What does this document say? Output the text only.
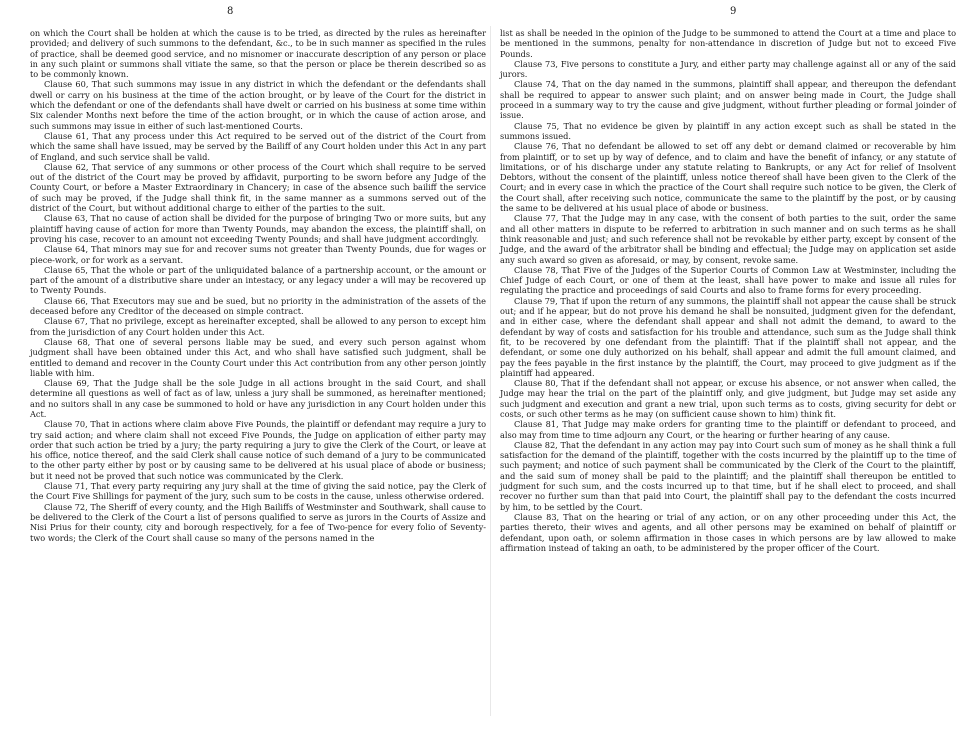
8	9

on which the Court shall be holden at which the cause is to be tried, as directed by the rules as hereinafter provided; and delivery of such summons to the defendant, &c., to be in such manner as specified in the rules of practice, shall be deemed good service, and no misnomer or inaccurate description of any person or place in any such plaint or summons shall vitiate the same, so that the person or place be therein described so as to be commonly known.

Clause 60, That such summons may issue in any district in which the defendant or the defendants shall dwell or carry on his business at the time of the action brought, or by leave of the Court for the district in which the defendant or one of the defendants shall have dwelt or carried on his business at some time within Six calender Months next before the time of the action brought, or in which the cause of action arose, and such summons may issue in either of such last-mentioned Courts.

Clause 61, That any process under this Act required to be served out of the district of the Court from which the same shall have issued, may be served by the Bailiff of any Court holden under this Act in any part of England, and such service shall be valid.

Clause 62, That service of any summons or other process of the Court which shall require to be served out of the district of the Court may be proved by affidavit, purporting to be sworn before any Judge of the County Court, or before a Master Extraordinary in Chancery; in case of the absence such bailiff the service of such may be proved, if the Judge shall think fit, in the same manner as a summons served out of the district of the Court, but without additional charge to either of the parties to the suit.

Clause 63, That no cause of action shall be divided for the purpose of bringing Two or more suits, but any plaintiff having cause of action for more than Twenty Pounds, may abandon the excess, the plaintiff shall, on proving his case, recover to an amount not exceeding Twenty Pounds; and shall have judgment accordingly.

Clause 64, That minors may sue for and recover sums not greater than Twenty Pounds, due for wages or piece-work, or for work as a servant.

Clause 65, That the whole or part of the unliquidated balance of a partnership account, or the amount or part of the amount of a distributive share under an intestacy, or any legacy under a will may be recovered up to Twenty Pounds.

Clause 66, That Executors may sue and be sued, but no priority in the administration of the assets of the deceased before any Creditor of the deceased on simple contract.

Clause 67, That no privilege, except as hereinafter excepted, shall be allowed to any person to except him from the jurisdiction of any Court holden under this Act.

Clause 68, That one of several persons liable may be sued, and every such person against whom judgment shall have been obtained under this Act, and who shall have satisfied such judgment, shall be entitled to demand and recover in the County Court under this Act contribution from any other person jointly liable with him.

Clause 69, That the Judge shall be the sole Judge in all actions brought in the said Court, and shall determine all questions as well of fact as of law, unless a jury shall be summoned, as hereinafter mentioned; and no suitors shall in any case be summoned to hold or have any jurisdiction in any Court holden under this Act.

Clause 70, That in actions where claim above Five Pounds, the plaintiff or defendant may require a jury to try said action; and where claim shall not exceed Five Pounds, the Judge on application of either party may order that such action be tried by a jury; the party requiring a jury to give the Clerk of the Court, or leave at his office, notice thereof, and the said Clerk shall cause notice of such demand of a jury to be communicated to the other party either by post or by causing same to be delivered at his usual place of abode or business; but it need not be proved that such notice was communicated by the Clerk.

Clause 71, That every party requiring any jury shall at the time of giving the said notice, pay the Clerk of the Court Five Shillings for payment of the jury, such sum to be costs in the cause, unless otherwise ordered.

Clause 72, The Sheriff of every county, and the High Bailiffs of Westminster and Southwark, shall cause to be delivered to the Clerk of the Court a list of persons qualified to serve as jurors in the Courts of Assize and Nisi Prius for their county, city and borough respectively, for a fee of Two-pence for every folio of Seventy-two words; the Clerk of the Court shall cause so many of the persons named in the

list as shall be needed in the opinion of the Judge to be summoned to attend the Court at a time and place to be mentioned in the summons, penalty for non-attendance in discretion of Judge but not to exceed Five Pounds.

Clause 73, Five persons to constitute a Jury, and either party may challenge against all or any of the said jurors.

Clause 74, That on the day named in the summons, plaintiff shall appear, and thereupon the defendant shall be required to appear to answer such plaint; and on answer being made in Court, the Judge shall proceed in a summary way to try the cause and give judgment, without further pleading or formal joinder of issue.

Clause 75, That no evidence be given by plaintiff in any action except such as shall be stated in the summons issued.

Clause 76, That no defendant be allowed to set off any debt or demand claimed or recoverable by him from plaintiff, or to set up by way of defence, and to claim and have the benefit of infancy, or any statute of limitations, or of his discharge under any statute relating to Bankrupts, or any Act for relief of Insolvent Debtors, without the consent of the plaintiff, unless notice thereof shall have been given to the Clerk of the Court; and in every case in which the practice of the Court shall require such notice to be given, the Clerk of the Court shall, after receiving such notice, communicate the same to the plaintiff by the post, or by causing the same to be delivered at his usual place of abode or business.

Clause 77, That the Judge may in any case, with the consent of both parties to the suit, order the same and all other matters in dispute to be referred to arbitration in such manner and on such terms as he shall think reasonable and just; and such reference shall not be revokable by either party, except by consent of the Judge, and the award of the arbitrator shall be binding and effectual; the Judge may on application set aside any such award so given as aforesaid, or may, by consent, revoke same.

Clause 78, That Five of the Judges of the Superior Courts of Common Law at Westminster, including the Chief Judge of each Court, or one of them at the least, shall have power to make and issue all rules for regulating the practice and proceedings of said Courts and also to frame forms for every proceeding.

Clause 79, That if upon the return of any summons, the plaintiff shall not appear the cause shall be struck out; and if he appear, but do not prove his demand he shall be nonsuited, judgment given for the defendant, and in either case, where the defendant shall appear and shall not admit the demand, to award to the defendant by way of costs and satisfaction for his trouble and attendance, such sum as the Judge shall think fit, to be recovered by one defendant from the plaintiff: That if the plaintiff shall not appear, and the defendant, or some one duly authorized on his behalf, shall appear and admit the full amount claimed, and pay the fees payable in the first instance by the plaintiff, the Court, may proceed to give judgment as if the plaintiff had appeared.

Clause 80, That if the defendant shall not appear, or excuse his absence, or not answer when called, the Judge may hear the trial on the part of the plaintiff only, and give judgment, but Judge may set aside any such judgment and execution and grant a new trial, upon such terms as to costs, giving security for debt or costs, or such other terms as he may (on sufficient cause shown to him) think fit.

Clause 81, That Judge may make orders for granting time to the plaintiff or defendant to proceed, and also may from time to time adjourn any Court, or the hearing or further hearing of any cause.

Clause 82, That the defendant in any action may pay into Court such sum of money as he shall think a full satisfaction for the demand of the plaintiff, together with the costs incurred by the plaintiff up to the time of such payment; and notice of such payment shall be communicated by the Clerk of the Court to the plaintiff, and the said sum of money shall be paid to the plaintiff; and the plaintiff shall thereupon be entitled to judgment for such sum, and the costs incurred up to that time, but if he shall elect to proceed, and shall recover no further sum than that paid into Court, the plaintiff shall pay to the defendant the costs incurred by him, to be settled by the Court.

Clause 83, That on the hearing or trial of any action, or on any other proceeding under this Act, the parties thereto, their wives and agents, and all other persons may be examined on behalf of plaintiff or defendant, upon oath, or solemn affirmation in those cases in which persons are by law allowed to make affirmation instead of taking an oath, to be administered by the proper officer of the Court.
